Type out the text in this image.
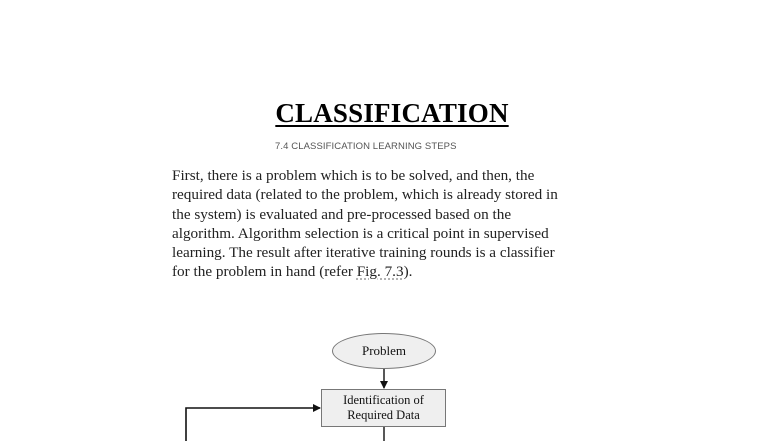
CLASSIFICATION
7.4 CLASSIFICATION LEARNING STEPS
First, there is a problem which is to be solved, and then, the required data (related to the problem, which is already stored in the system) is evaluated and pre-processed based on the algorithm. Algorithm selection is a critical point in supervised learning. The result after iterative training rounds is a classifier for the problem in hand (refer Fig. 7.3).
Problem
Identification of
Required Data
